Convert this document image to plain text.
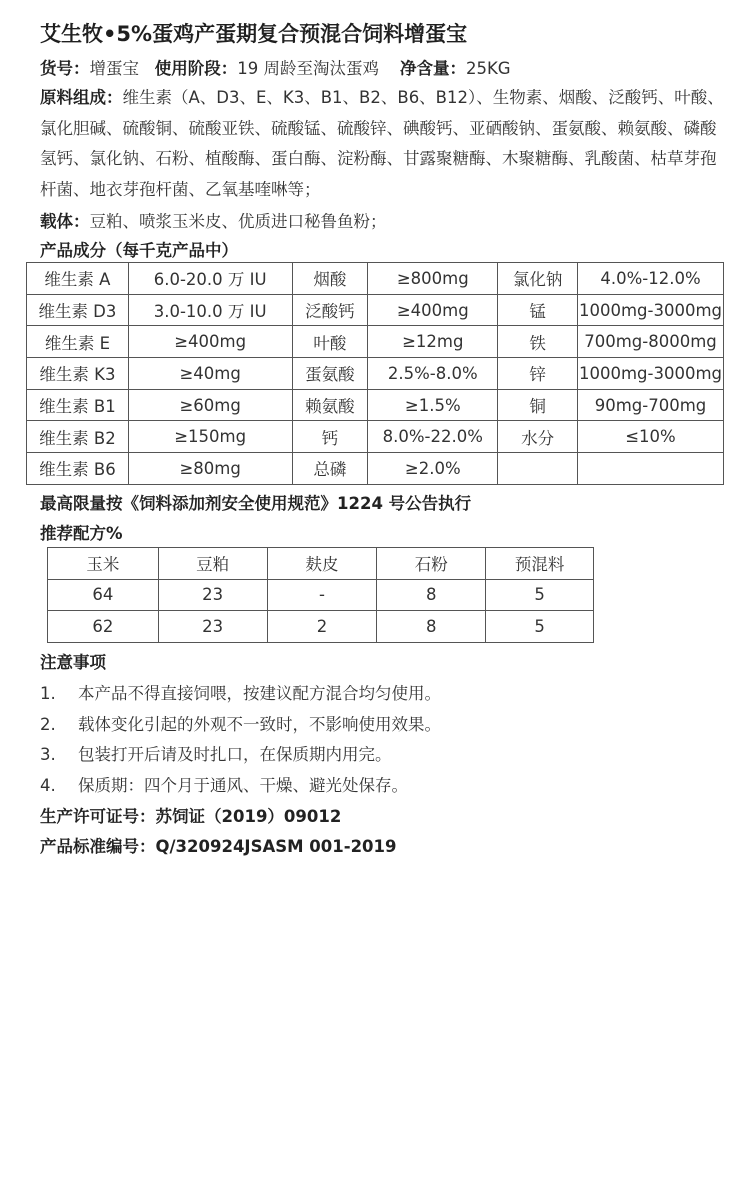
艾生牧•5%蛋鸡产蛋期复合预混合饲料增蛋宝
货号：增蛋宝 使用阶段：19 周龄至淘汰蛋鸡 净含量：25KG
原料组成：维生素（A、D3、E、K3、B1、B2、B6、B12）、生物素、烟酸、泛酸钙、叶酸、氯化胆碱、硫酸铜、硫酸亚铁、硫酸锰、硫酸锌、碘酸钙、亚硒酸钠、蛋氨酸、赖氨酸、磷酸氢钙、氯化钠、石粉、植酸酶、蛋白酶、淀粉酶、甘露聚糖酶、木聚糖酶、乳酸菌、枯草芽孢杆菌、地衣芽孢杆菌、乙氧基喹啉等；
载体：豆粕、喷浆玉米皮、优质进口秘鲁鱼粉；
产品成分（每千克产品中）
维生素 A	6.0-20.0 万 IU	烟酸	≥800mg	氯化钠	4.0%-12.0%
维生素 D3	3.0-10.0 万 IU	泛酸钙	≥400mg	锰	1000mg-3000mg
维生素 E	≥400mg	叶酸	≥12mg	铁	700mg-8000mg
维生素 K3	≥40mg	蛋氨酸	2.5%-8.0%	锌	1000mg-3000mg
维生素 B1	≥60mg	赖氨酸	≥1.5%	铜	90mg-700mg
维生素 B2	≥150mg	钙	8.0%-22.0%	水分	≤10%
维生素 B6	≥80mg	总磷	≥2.0%		
最高限量按《饲料添加剂安全使用规范》1224 号公告执行
推荐配方%
玉米	豆粕	麸皮	石粉	预混料
64	23	-	8	5
62	23	2	8	5
注意事项
1. 本产品不得直接饲喂，按建议配方混合均匀使用。
2. 载体变化引起的外观不一致时，不影响使用效果。
3. 包装打开后请及时扎口，在保质期内用完。
4. 保质期：四个月于通风、干燥、避光处保存。
生产许可证号：苏饲证（2019）09012
产品标准编号：Q/320924JSASM 001-2019
